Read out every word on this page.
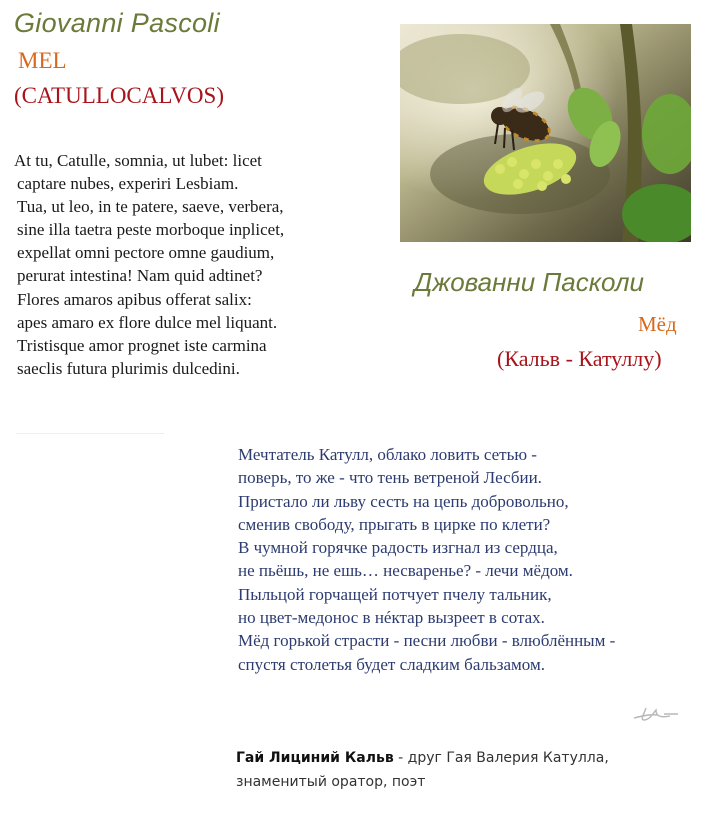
Giovanni Pascoli
MEL
(CATULLOCALVOS)
At tu, Catulle, somnia, ut lubet: licet
captare nubes, experiri Lesbiam.
Tua, ut leo, in te patere, saeve, verbera,
sine illa taetra peste morboque inplicet,
expellat omni pectore omne gaudium,
perurat intestina! Nam quid adtinet?
Flores amaros apibus offerat salix:
apes amaro ex flore dulce mel liquant.
Tristisque amor prognet iste carmina
saeclis futura plurimis dulcedini.
Джованни Пасколи
Мёд
(Кальв - Катуллу)
Мечтатель Катулл, облако ловить сетью -
поверь, то же - что тень ветреной Лесбии.
Пристало ли льву сесть на цепь добровольно,
сменив свободу, прыгать в цирке по клети?
В чумной горячке радость изгнал из сердца,
не пьёшь, не ешь… несваренье? - лечи мёдом.
Пыльцой горчащей потчует пчелу тальник,
но цвет-медонос в нéктар вызреет в сотах.
Мёд горькой страсти - песни любви - влюблённым -
спустя столетья будет сладким бальзамом.
Гай Лициний Кальв - друг Гая Валерия Катулла, знаменитый оратор, поэт
